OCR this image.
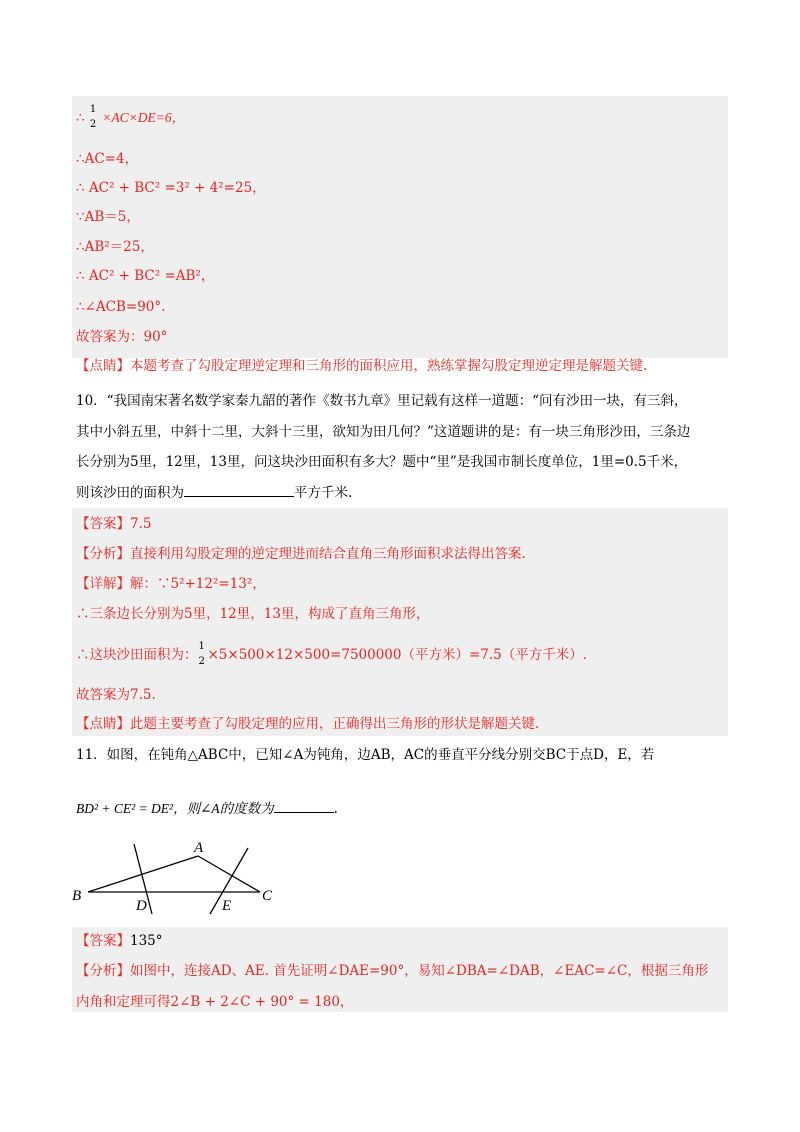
∴
1
2 ×AC×DE=6，
∴AC=4，
∴ AC² + BC² =3² + 4²=25，
∵AB＝5，
∴AB²＝25，
∴ AC² + BC² =AB²，
∴∠ACB=90°.
故答案为：90°
【点睛】本题考查了勾股定理逆定理和三角形的面积应用，熟练掌握勾股定理逆定理是解题关键.
10．“我国南宋著名数学家秦九韶的著作《数书九章》里记载有这样一道题：“问有沙田一块，有三斜，
其中小斜五里，中斜十二里，大斜十三里，欲知为田几何？”这道题讲的是：有一块三角形沙田，三条边
长分别为5里，12里，13里，问这块沙田面积有多大？题中“里”是我国市制长度单位，1里=0.5千米，
则该沙田的面积为	平方千米.
【答案】7.5
【分析】直接利用勾股定理的逆定理进而结合直角三角形面积求法得出答案.
【详解】解：∵5²+12²=13²，
∴三条边长分别为5里，12里，13里，构成了直角三角形，
∴这块沙田面积为：
1
2 ×5×500×12×500=7500000（平方米）=7.5（平方千米）.
故答案为7.5.
【点睛】此题主要考查了勾股定理的应用，正确得出三角形的形状是解题关键.
11．如图，在钝角△ABC中，已知∠A为钝角，边AB，AC的垂直平分线分别交BC于点D，E，若
BD² + CE² = DE²，则∠A的度数为	.
A
B	C
D	E
【答案】135°
【分析】如图中，连接AD、AE. 首先证明∠DAE=90°，易知∠DBA=∠DAB，∠EAC=∠C，根据三角形
内角和定理可得2∠B + 2∠C + 90° = 180，
